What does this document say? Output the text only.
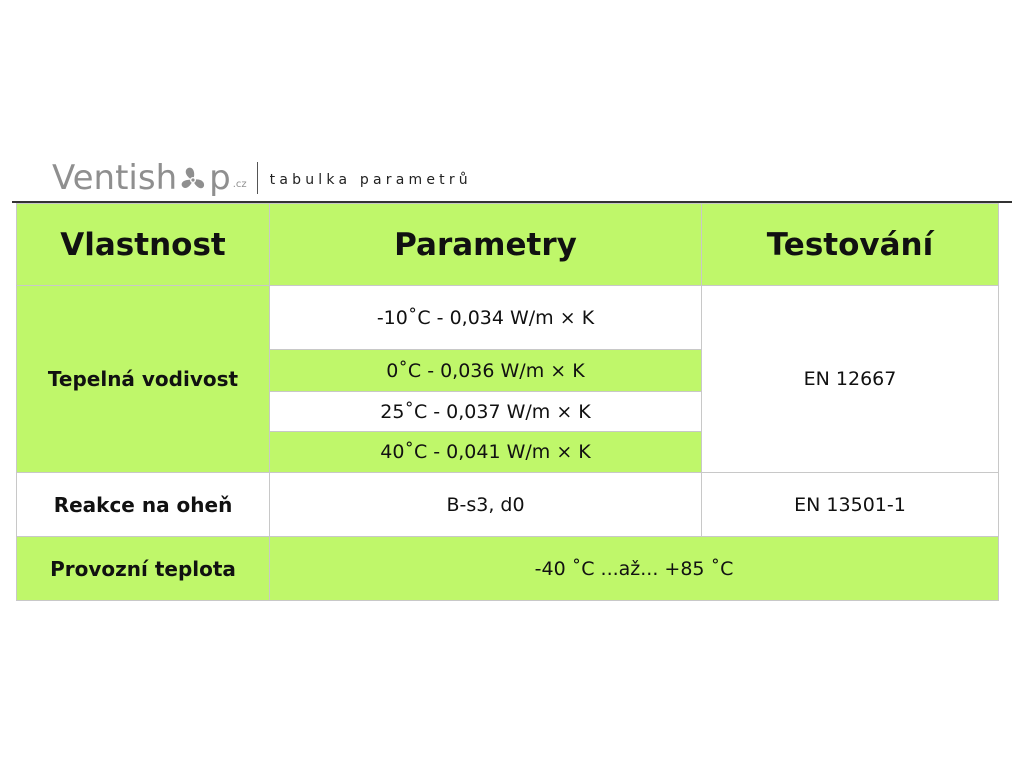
Ventish p .cz tabulka parametrů
Vlastnost	Parametry	Testování
Tepelná vodivost	-10˚C - 0,034 W/m × K	EN 12667
	0˚C - 0,036 W/m × K	
	25˚C - 0,037 W/m × K	
	40˚C - 0,041 W/m × K	
Reakce na oheň	B-s3, d0	EN 13501-1
Provozní teplota	-40 ˚C ...až... +85 ˚C	
